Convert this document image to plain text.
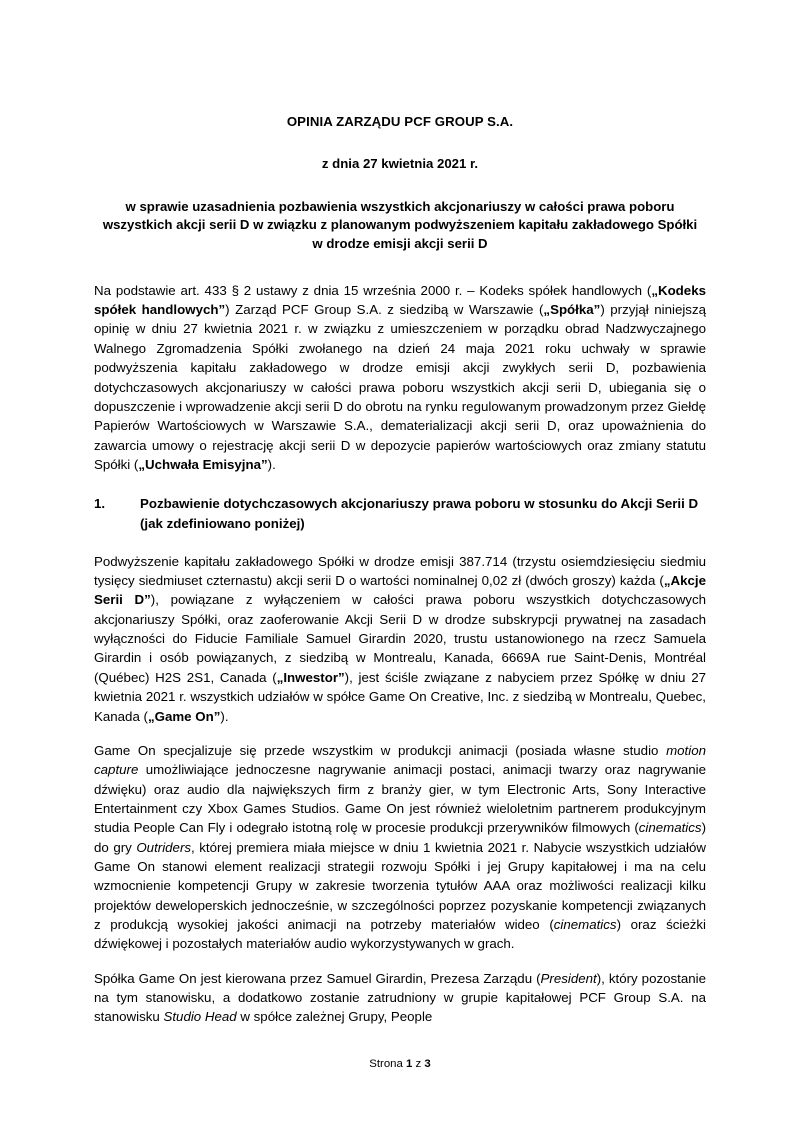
OPINIA ZARZĄDU PCF GROUP S.A.
z dnia 27 kwietnia 2021 r.
w sprawie uzasadnienia pozbawienia wszystkich akcjonariuszy w całości prawa poboru wszystkich akcji serii D w związku z planowanym podwyższeniem kapitału zakładowego Spółki
w drodze emisji akcji serii D

Na podstawie art. 433 § 2 ustawy z dnia 15 września 2000 r. – Kodeks spółek handlowych („Kodeks spółek handlowych”) Zarząd PCF Group S.A. z siedzibą w Warszawie („Spółka”) przyjął niniejszą opinię w dniu 27 kwietnia 2021 r. w związku z umieszczeniem w porządku obrad Nadzwyczajnego Walnego Zgromadzenia Spółki zwołanego na dzień 24 maja 2021 roku uchwały w sprawie podwyższenia kapitału zakładowego w drodze emisji akcji zwykłych serii D, pozbawienia dotychczasowych akcjonariuszy w całości prawa poboru wszystkich akcji serii D, ubiegania się o dopuszczenie i wprowadzenie akcji serii D do obrotu na rynku regulowanym prowadzonym przez Giełdę Papierów Wartościowych w Warszawie S.A., dematerializacji akcji serii D, oraz upoważnienia do zawarcia umowy o rejestrację akcji serii D w depozycie papierów wartościowych oraz zmiany statutu Spółki („Uchwała Emisyjna”).

1.	Pozbawienie dotychczasowych akcjonariuszy prawa poboru w stosunku do Akcji Serii D (jak zdefiniowano poniżej)

Podwyższenie kapitału zakładowego Spółki w drodze emisji 387.714 (trzystu osiemdziesięciu siedmiu tysięcy siedmiuset czternastu) akcji serii D o wartości nominalnej 0,02 zł (dwóch groszy) każda („Akcje Serii D”), powiązane z wyłączeniem w całości prawa poboru wszystkich dotychczasowych akcjonariuszy Spółki, oraz zaoferowanie Akcji Serii D w drodze subskrypcji prywatnej na zasadach wyłączności do Fiducie Familiale Samuel Girardin 2020, trustu ustanowionego na rzecz Samuela Girardin i osób powiązanych, z siedzibą w Montrealu, Kanada, 6669A rue Saint-Denis, Montréal (Québec) H2S 2S1, Canada („Inwestor”), jest ściśle związane z nabyciem przez Spółkę w dniu 27 kwietnia 2021 r. wszystkich udziałów w spółce Game On Creative, Inc. z siedzibą w Montrealu, Quebec, Kanada („Game On”).

Game On specjalizuje się przede wszystkim w produkcji animacji (posiada własne studio motion capture umożliwiające jednoczesne nagrywanie animacji postaci, animacji twarzy oraz nagrywanie dźwięku) oraz audio dla największych firm z branży gier, w tym Electronic Arts, Sony Interactive Entertainment czy Xbox Games Studios. Game On jest również wieloletnim partnerem produkcyjnym studia People Can Fly i odegrało istotną rolę w procesie produkcji przerywników filmowych (cinematics) do gry Outriders, której premiera miała miejsce w dniu 1 kwietnia 2021 r. Nabycie wszystkich udziałów Game On stanowi element realizacji strategii rozwoju Spółki i jej Grupy kapitałowej i ma na celu wzmocnienie kompetencji Grupy w zakresie tworzenia tytułów AAA oraz możliwości realizacji kilku projektów deweloperskich jednocześnie, w szczególności poprzez pozyskanie kompetencji związanych z produkcją wysokiej jakości animacji na potrzeby materiałów wideo (cinematics) oraz ścieżki dźwiękowej i pozostałych materiałów audio wykorzystywanych w grach.

Spółka Game On jest kierowana przez Samuel Girardin, Prezesa Zarządu (President), który pozostanie na tym stanowisku, a dodatkowo zostanie zatrudniony w grupie kapitałowej PCF Group S.A. na stanowisku Studio Head w spółce zależnej Grupy, People

Strona 1 z 3
